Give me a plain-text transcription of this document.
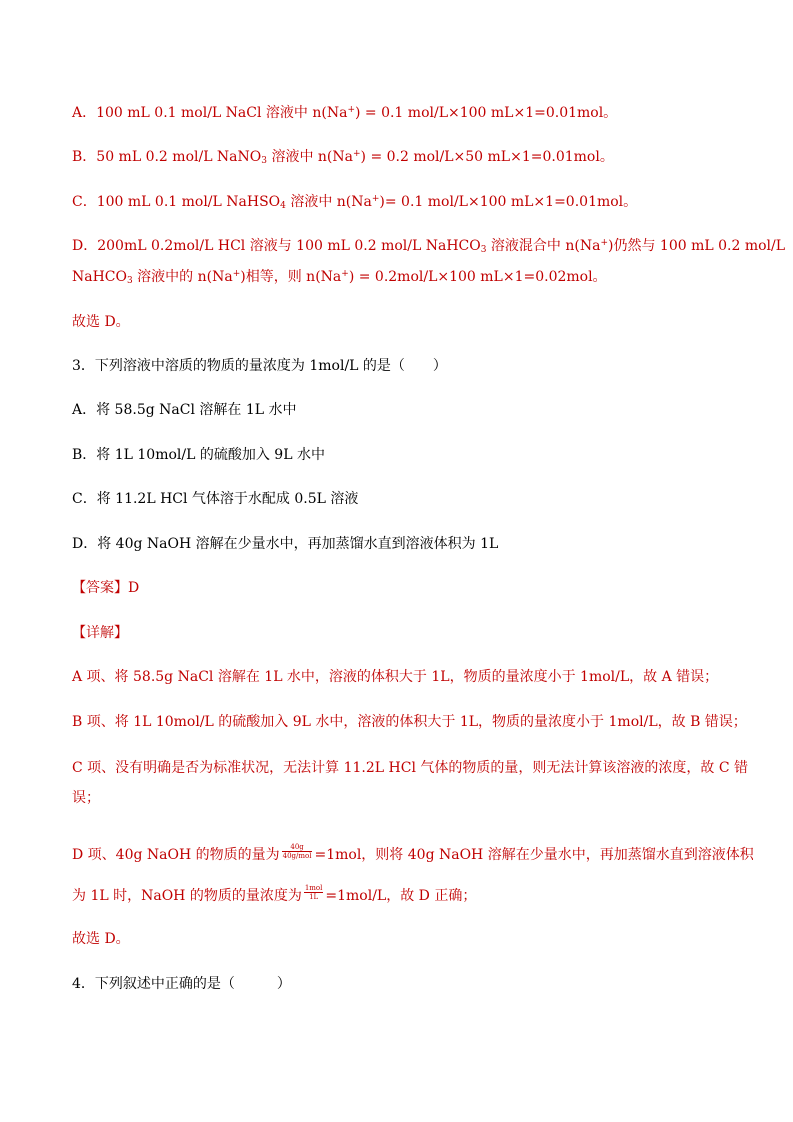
A．100 mL 0.1 mol/L NaCl 溶液中 n(Na+) = 0.1 mol/L×100 mL×1=0.01mol。
B．50 mL 0.2 mol/L NaNO$_3$ 溶液中 n(Na+) = 0.2 mol/L×50 mL×1=0.01mol。
C．100 mL 0.1 mol/L NaHSO$_4$ 溶液中 n(Na+)= 0.1 mol/L×100 mL×1=0.01mol。
D．200mL 0.2mol/L HCl 溶液与 100 mL 0.2 mol/L NaHCO$_3$ 溶液混合中 n(Na+)仍然与 100 mL 0.2 mol/L
NaHCO$_3$ 溶液中的 n(Na+)相等，则 n(Na+) = 0.2mol/L×100 mL×1=0.02mol。
故选 D。
3．下列溶液中溶质的物质的量浓度为 1mol/L 的是（　　）
A．将 58.5g NaCl 溶解在 1L 水中
B．将 1L 10mol/L 的硫酸加入 9L 水中
C．将 11.2L HCl 气体溶于水配成 0.5L 溶液
D．将 40g NaOH 溶解在少量水中，再加蒸馏水直到溶液体积为 1L
【答案】D
【详解】
A 项、将 58.5g NaCl 溶解在 1L 水中，溶液的体积大于 1L，物质的量浓度小于 1mol/L，故 A 错误；
B 项、将 1L 10mol/L 的硫酸加入 9L 水中，溶液的体积大于 1L，物质的量浓度小于 1mol/L，故 B 错误；
C 项、没有明确是否为标准状况，无法计算 11.2L HCl 气体的物质的量，则无法计算该溶液的浓度，故 C 错
误；
D 项、40g NaOH 的物质的量为 $\frac{40g}{\text{40g/mol}} =1mol$，则将 40g NaOH 溶解在少量水中，再加蒸馏水直到溶液体积
为 1L 时，NaOH 的物质的量浓度为 $\frac{\text{1mol}}{1L} =1mol/L$，故 D 正确；
故选 D。
4．下列叙述中正确的是（　　　）
